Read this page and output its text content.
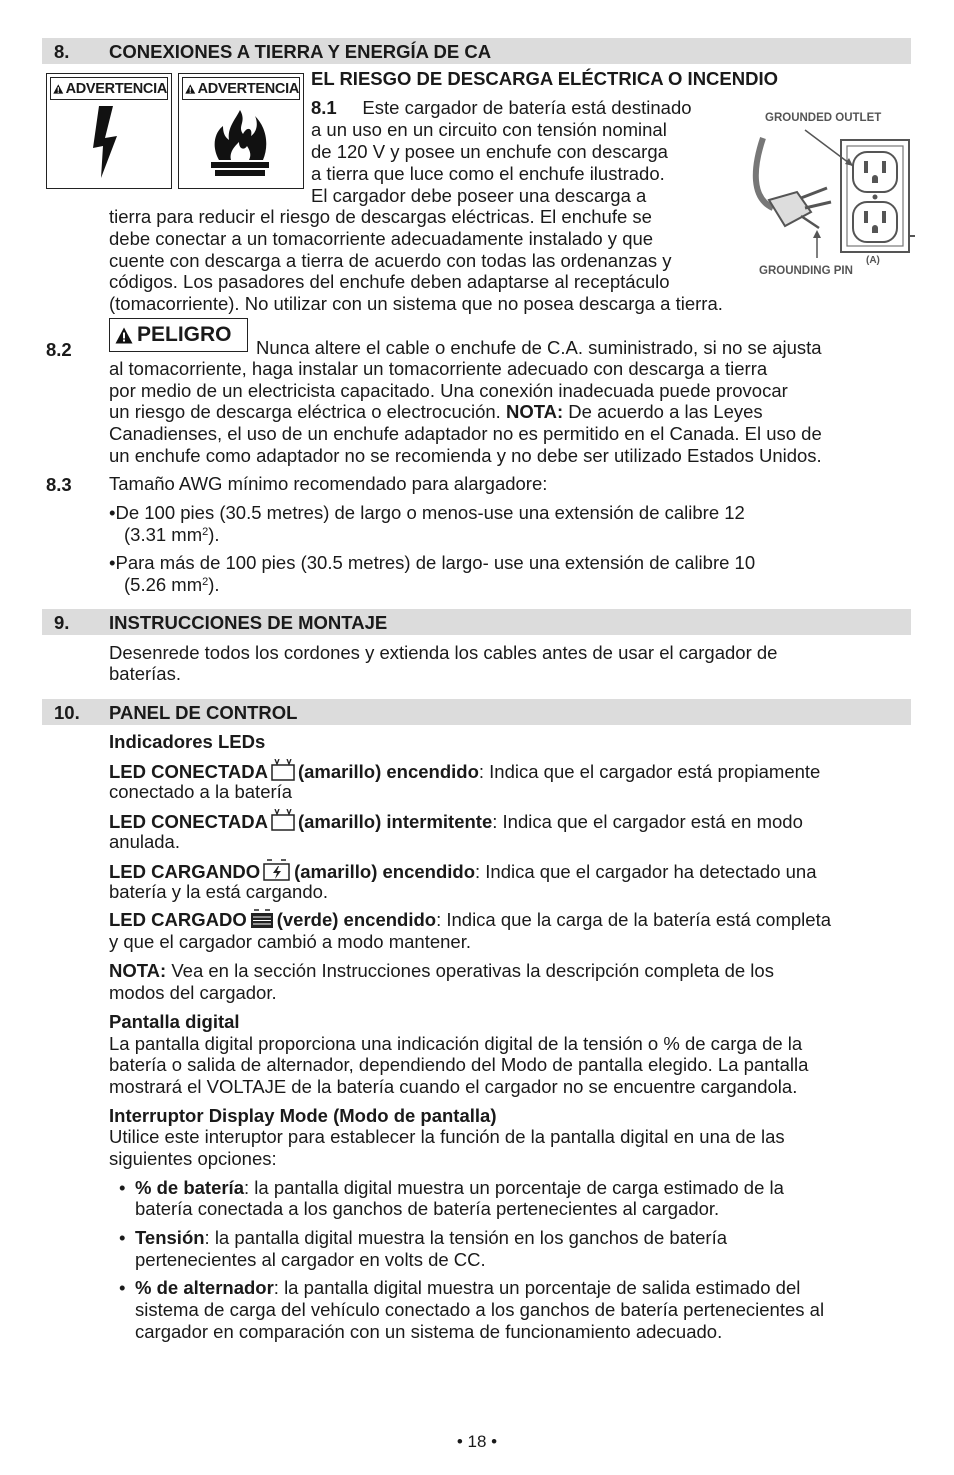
8. CONEXIONES A TIERRA Y ENERGÍA DE CA
ADVERTENCIA ADVERTENCIA EL RIESGO DE DESCARGA ELÉCTRICA O INCENDIO
8.1 Este cargador de batería está destinado
a un uso en un circuito con tensión nominal
de 120 V y posee un enchufe con descarga
a tierra que luce como el enchufe ilustrado.
El cargador debe poseer una descarga a
tierra para reducir el riesgo de descargas eléctricas. El enchufe se
debe conectar a un tomacorriente adecuadamente instalado y que
cuente con descarga a tierra de acuerdo con todas las ordenanzas y
códigos. Los pasadores del enchufe deben adaptarse al receptáculo
(tomacorriente). No utilizar con un sistema que no posea descarga a tierra.
GROUNDED OUTLET
GROUNDING PIN
(A)
8.2
PELIGRO
Nunca altere el cable o enchufe de C.A. suministrado, si no se ajusta
al tomacorriente, haga instalar un tomacorriente adecuado con descarga a tierra
por medio de un electricista capacitado. Una conexión inadecuada puede provocar
un riesgo de descarga eléctrica o electrocución. NOTA: De acuerdo a las Leyes
Canadienses, el uso de un enchufe adaptador no es permitido en el Canada. El uso de
un enchufe como adaptador no se recomienda y no debe ser utilizado Estados Unidos.
8.3 Tamaño AWG mínimo recomendado para alargadore:
•De 100 pies (30.5 metres) de largo o menos-use una extensión de calibre 12
(3.31 $mm^2$).
•Para más de 100 pies (30.5 metres) de largo- use una extensión de calibre 10
(5.26 $mm^2$).
9. INSTRUCCIONES DE MONTAJE
Desenrede todos los cordones y extienda los cables antes de usar el cargador de
baterías.
10. PANEL DE CONTROL
Indicadores LEDs
LED CONECTADA (amarillo) encendido: Indica que el cargador está propiamente
conectado a la batería
LED CONECTADA (amarillo) intermitente: Indica que el cargador está en modo
anulada.
LED CARGANDO (amarillo) encendido: Indica que el cargador ha detectado una
batería y la está cargando.
LED CARGADO (verde) encendido: Indica que la carga de la batería está completa
y que el cargador cambió a modo mantener.
NOTA: Vea en la sección Instrucciones operativas la descripción completa de los
modos del cargador.
Pantalla digital
La pantalla digital proporciona una indicación digital de la tensión o % de carga de la
batería o salida de alternador, dependiendo del Modo de pantalla elegido. La pantalla
mostrará el VOLTAJE de la batería cuando el cargador no se encuentre cargandola.
Interruptor Display Mode (Modo de pantalla)
Utilice este interuptor para establecer la función de la pantalla digital en una de las
siguientes opciones:
• % de batería: la pantalla digital muestra un porcentaje de carga estimado de la
batería conectada a los ganchos de batería pertenecientes al cargador.
• Tensión: la pantalla digital muestra la tensión en los ganchos de batería
pertenecientes al cargador en volts de CC.
• % de alternador: la pantalla digital muestra un porcentaje de salida estimado del
sistema de carga del vehículo conectado a los ganchos de batería pertenecientes al
cargador en comparación con un sistema de funcionamiento adecuado.
• 18 •
